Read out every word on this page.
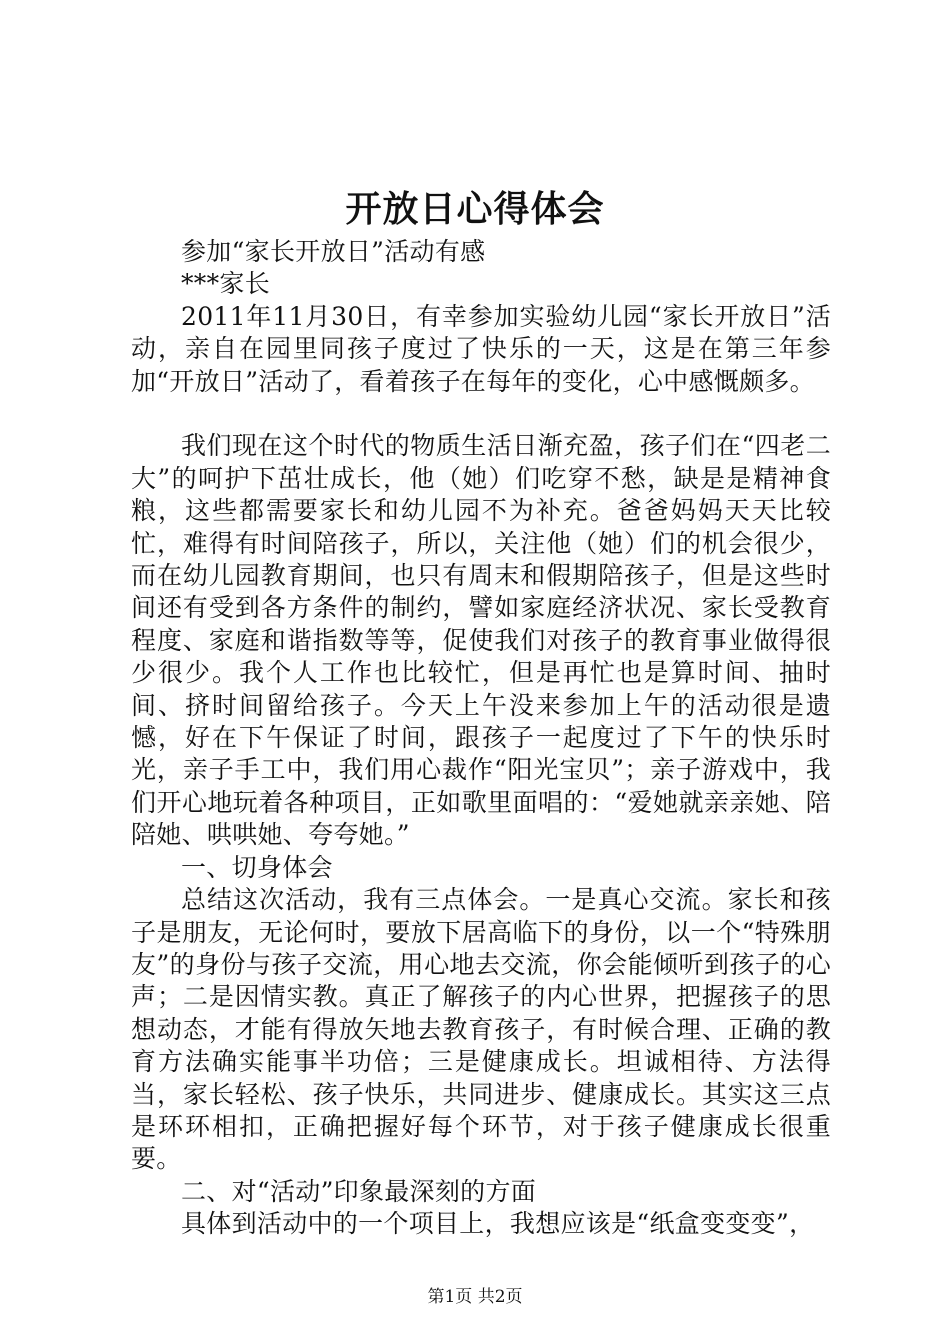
开放日心得体会

参加“家长开放日”活动有感

***家长

2011年11月30日，有幸参加实验幼儿园“家长开放日”活动，亲自在园里同孩子度过了快乐的一天，这是在第三年参加“开放日”活动了，看着孩子在每年的变化，心中感慨颇多。

我们现在这个时代的物质生活日渐充盈，孩子们在“四老二大”的呵护下茁壮成长，他（她）们吃穿不愁，缺是是精神食粮，这些都需要家长和幼儿园不为补充。爸爸妈妈天天比较忙，难得有时间陪孩子，所以，关注他（她）们的机会很少，而在幼儿园教育期间，也只有周末和假期陪孩子，但是这些时间还有受到各方条件的制约，譬如家庭经济状况、家长受教育程度、家庭和谐指数等等，促使我们对孩子的教育事业做得很少很少。我个人工作也比较忙，但是再忙也是算时间、抽时间、挤时间留给孩子。今天上午没来参加上午的活动很是遗憾，好在下午保证了时间，跟孩子一起度过了下午的快乐时光，亲子手工中，我们用心裁作“阳光宝贝”；亲子游戏中，我们开心地玩着各种项目，正如歌里面唱的：“爱她就亲亲她、陪陪她、哄哄她、夸夸她。”

一、切身体会

总结这次活动，我有三点体会。一是真心交流。家长和孩子是朋友，无论何时，要放下居高临下的身份，以一个“特殊朋友”的身份与孩子交流，用心地去交流，你会能倾听到孩子的心声；二是因情实教。真正了解孩子的内心世界，把握孩子的思想动态，才能有得放矢地去教育孩子，有时候合理、正确的教育方法确实能事半功倍；三是健康成长。坦诚相待、方法得当，家长轻松、孩子快乐，共同进步、健康成长。其实这三点是环环相扣，正确把握好每个环节，对于孩子健康成长很重要。

二、对“活动”印象最深刻的方面

具体到活动中的一个项目上，我想应该是“纸盒变变变”，

第1页 共2页
